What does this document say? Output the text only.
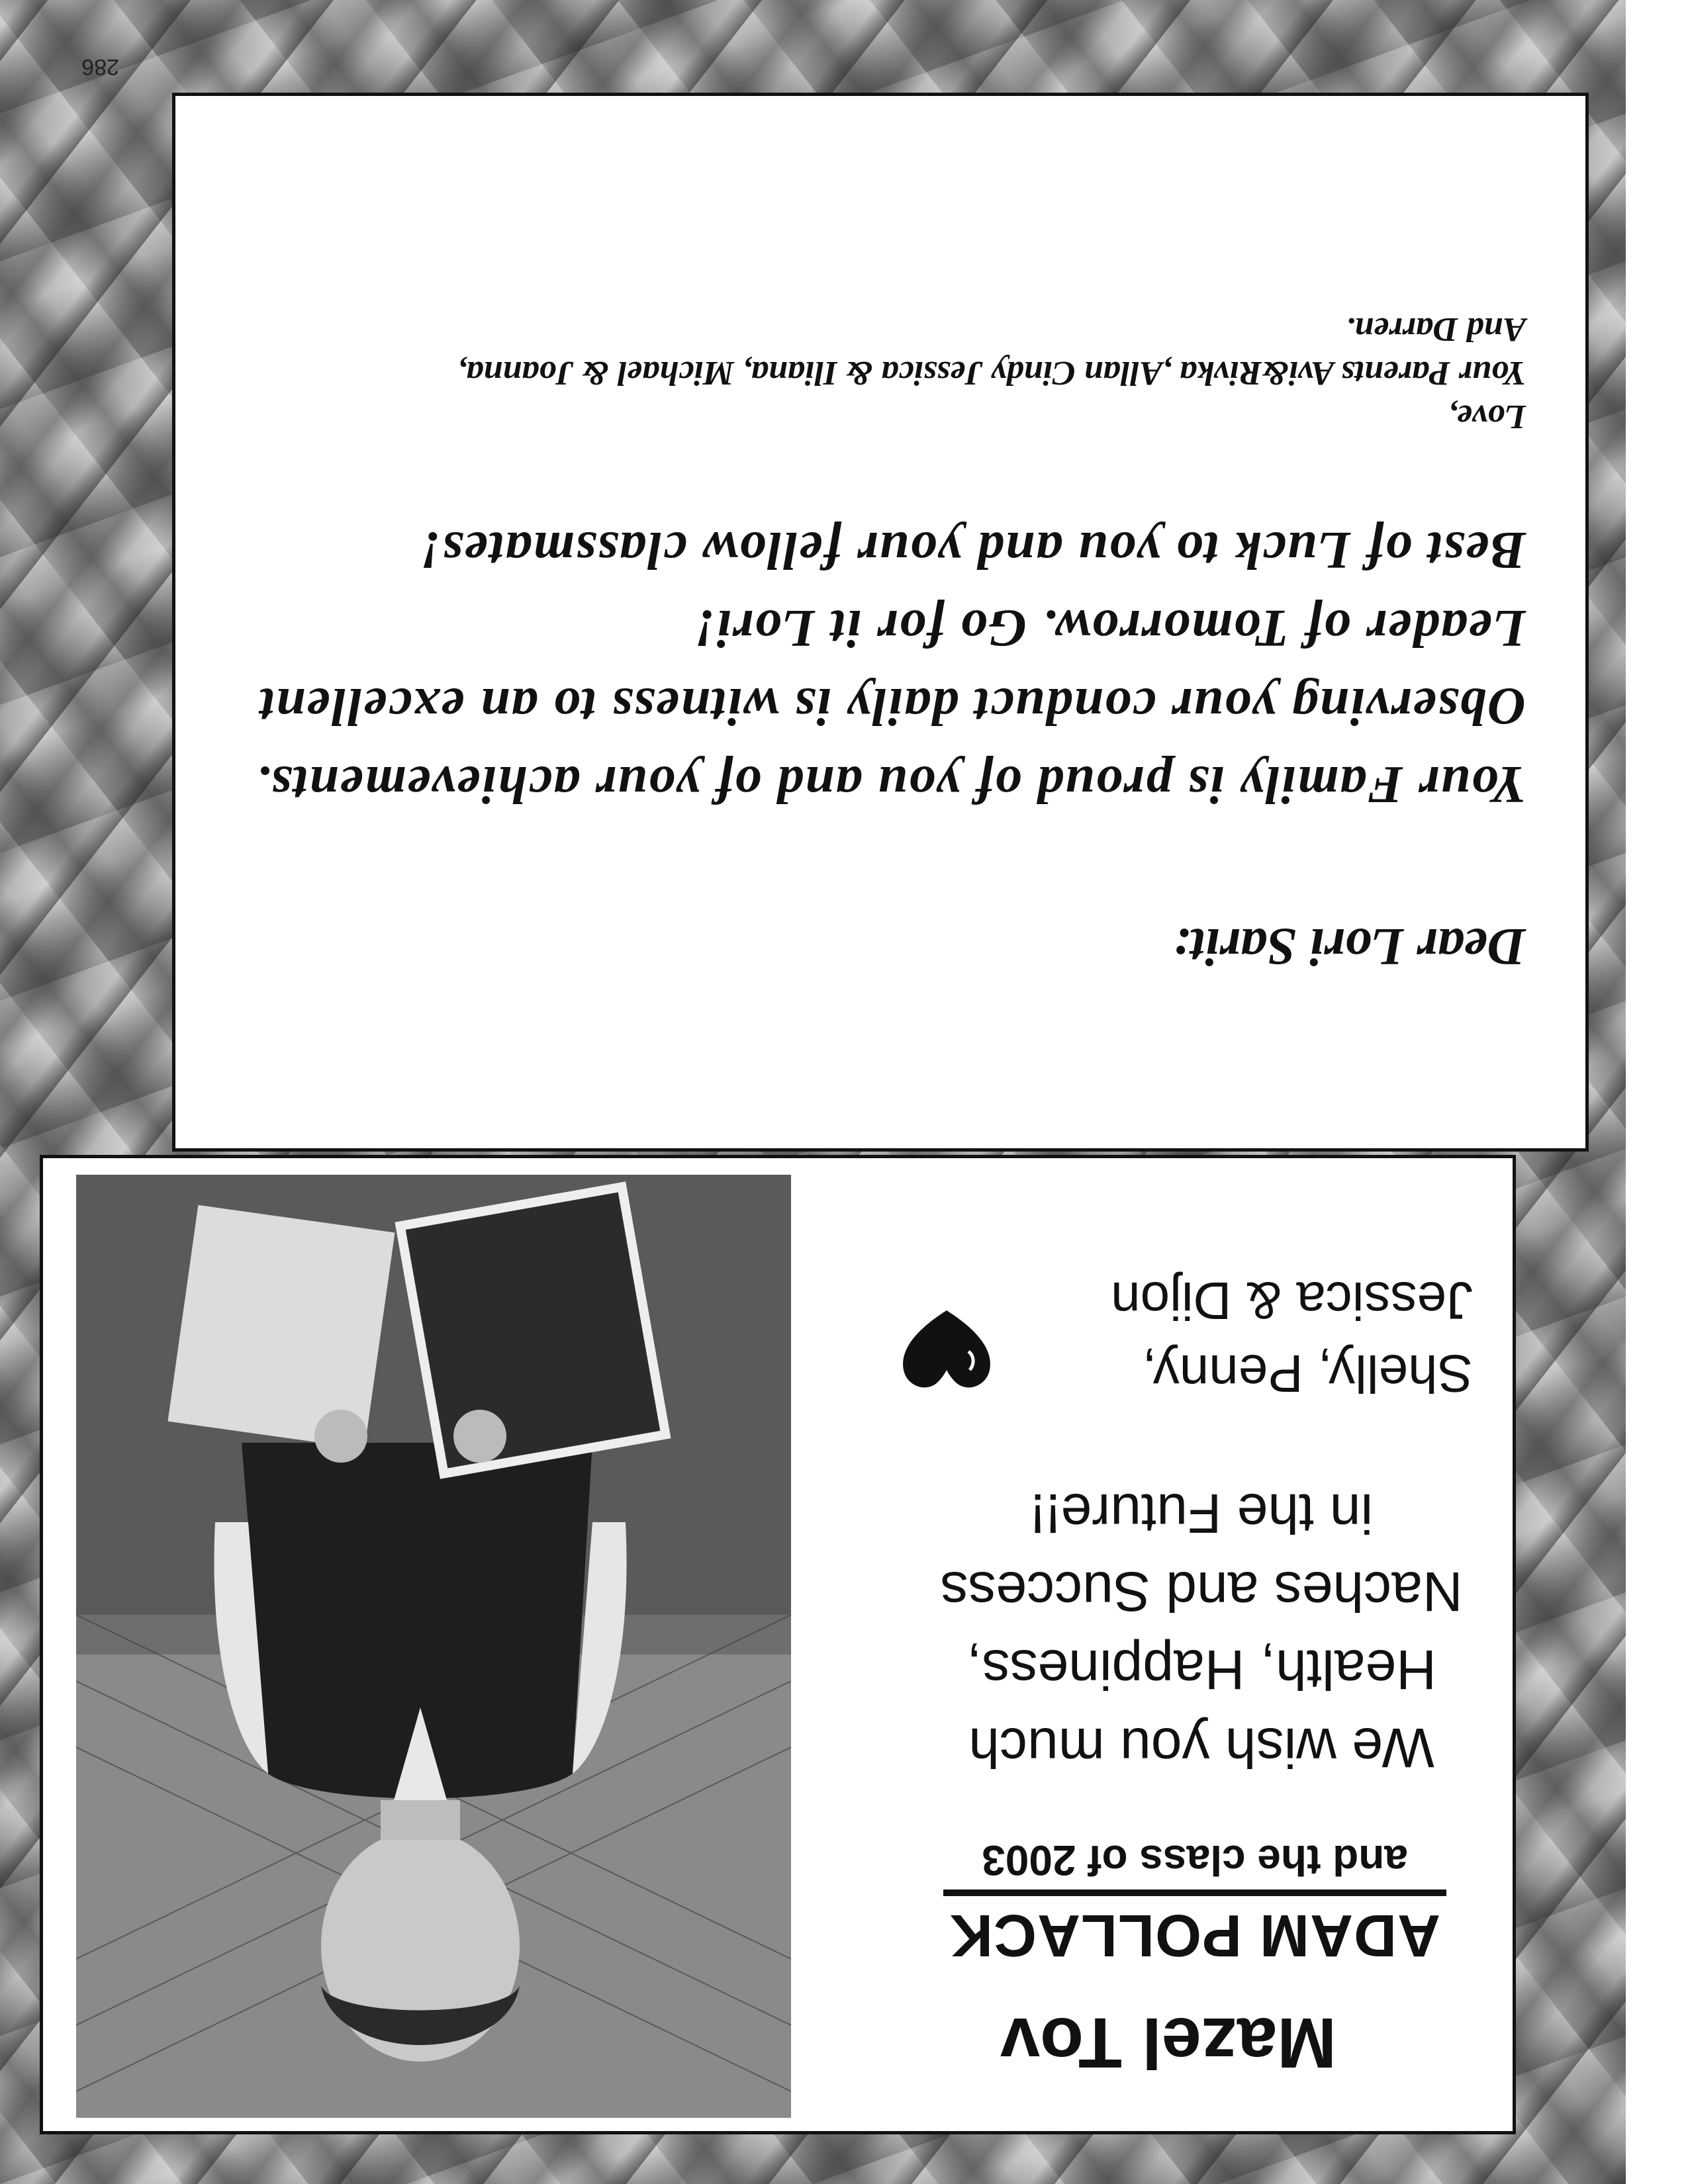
286
Dear Lori Sarit:
Your Family is proud of you and of your achievements.
Observing your conduct daily is witness to an excellent
Leader of Tomorrow. Go for it Lori!
Best of Luck to you and your fellow classmates!
Love,
Your Parents Avi&Rivka ,Allan Cindy Jessica & Iliana, Michael & Joanna,
And Darren.
Mazel Tov
ADAM POLLACK
and the class of 2003
We wish you much
Health, Happiness,
Naches and Success
in the Future!!
Shelly, Penny,
Jessica & Dijon
